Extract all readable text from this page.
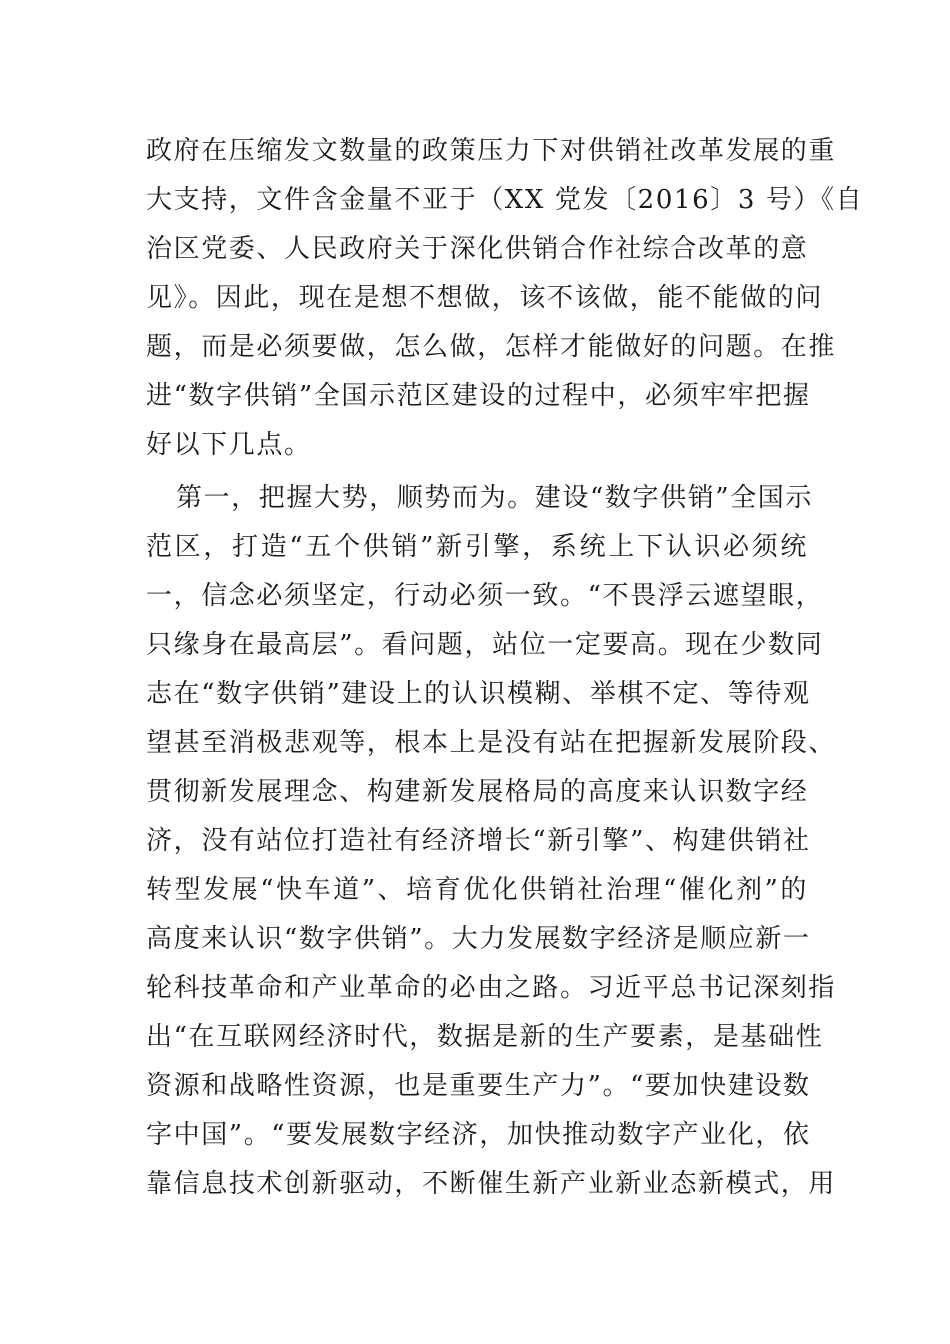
政府在压缩发文数量的政策压力下对供销社改革发展的重
大支持，文件含金量不亚于（XX 党发〔2016〕3 号）《自
治区党委、人民政府关于深化供销合作社综合改革的意
见》。因此，现在是想不想做，该不该做，能不能做的问
题，而是必须要做，怎么做，怎样才能做好的问题。在推
进“数字供销”全国示范区建设的过程中，必须牢牢把握
好以下几点。
第一，把握大势，顺势而为。建设“数字供销”全国示
范区，打造“五个供销”新引擎，系统上下认识必须统
一，信念必须坚定，行动必须一致。“不畏浮云遮望眼，
只缘身在最高层”。看问题，站位一定要高。现在少数同
志在“数字供销”建设上的认识模糊、举棋不定、等待观
望甚至消极悲观等，根本上是没有站在把握新发展阶段、
贯彻新发展理念、构建新发展格局的高度来认识数字经
济，没有站位打造社有经济增长“新引擎”、构建供销社
转型发展“快车道”、培育优化供销社治理“催化剂”的
高度来认识“数字供销”。大力发展数字经济是顺应新一
轮科技革命和产业革命的必由之路。习近平总书记深刻指
出“在互联网经济时代，数据是新的生产要素，是基础性
资源和战略性资源，也是重要生产力”。“要加快建设数
字中国”。“要发展数字经济，加快推动数字产业化，依
靠信息技术创新驱动，不断催生新产业新业态新模式，用
